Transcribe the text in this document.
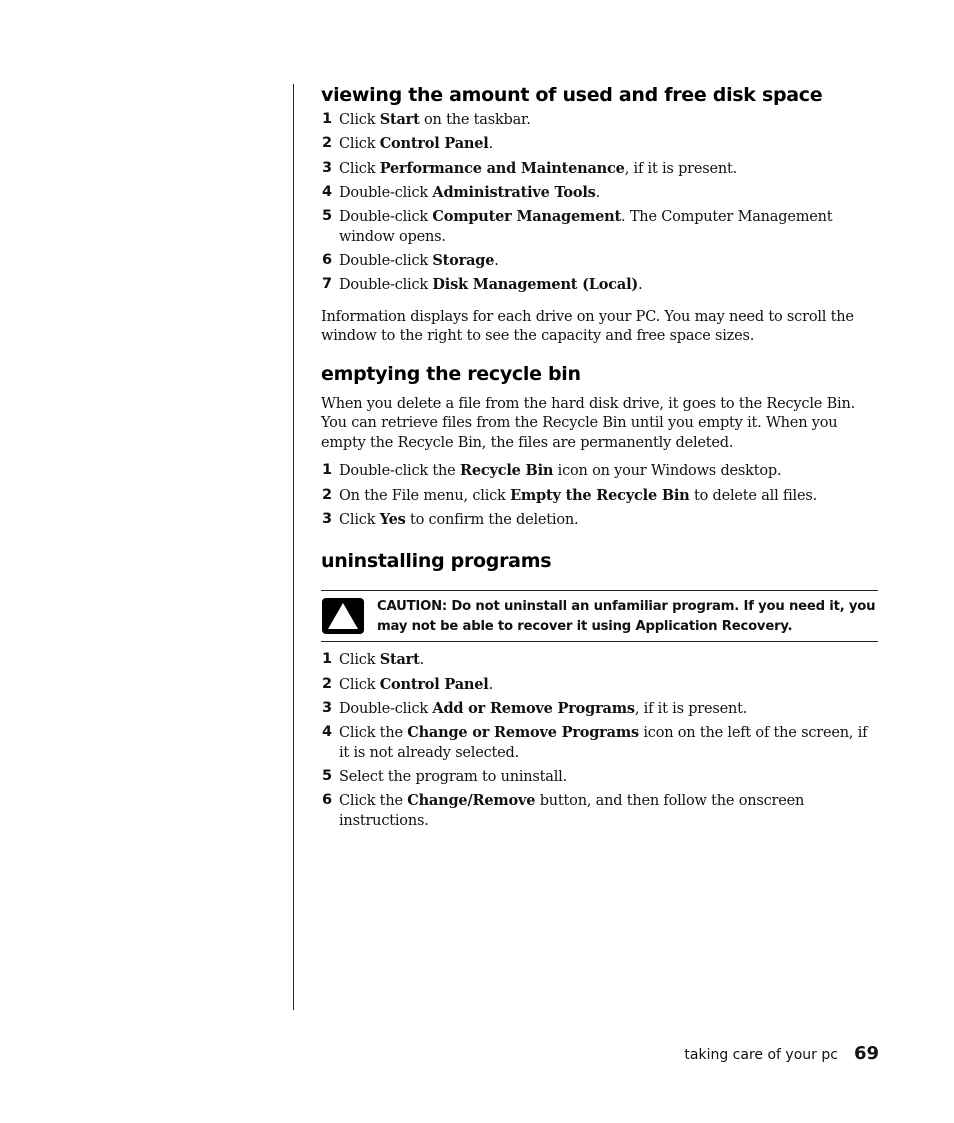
viewing the amount of used and free disk space
1 Click Start on the taskbar.
2 Click Control Panel.
3 Click Performance and Maintenance, if it is present.
4 Double-click Administrative Tools.
5 Double-click Computer Management. The Computer Management window opens.
6 Double-click Storage.
7 Double-click Disk Management (Local).

Information displays for each drive on your PC. You may need to scroll the window to the right to see the capacity and free space sizes.

emptying the recycle bin

When you delete a file from the hard disk drive, it goes to the Recycle Bin. You can retrieve files from the Recycle Bin until you empty it. When you empty the Recycle Bin, the files are permanently deleted.

1 Double-click the Recycle Bin icon on your Windows desktop.
2 On the File menu, click Empty the Recycle Bin to delete all files.
3 Click Yes to confirm the deletion.
uninstalling programs
CAUTION: Do not uninstall an unfamiliar program. If you need it, you may not be able to recover it using Application Recovery.
1 Click Start.
2 Click Control Panel.
3 Double-click Add or Remove Programs, if it is present.
4 Click the Change or Remove Programs icon on the left of the screen, if it is not already selected.
5 Select the program to uninstall.
6 Click the Change/Remove button, and then follow the onscreen instructions.
taking care of your pc 69
